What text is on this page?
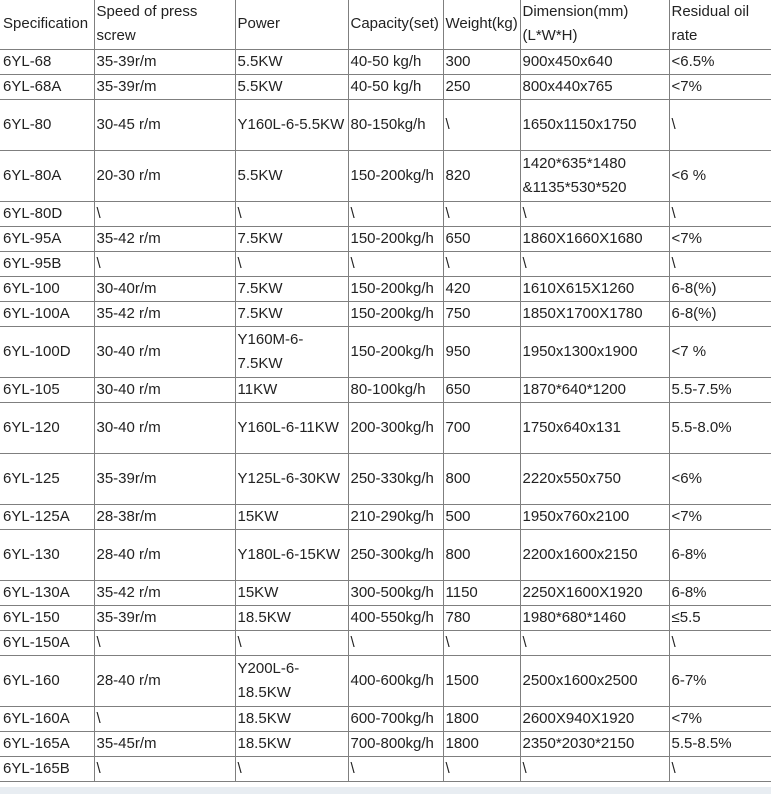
Specification	Speed of press screw	Power	Capacity(set)	Weight(kg)	Dimension(mm) (L*W*H)	Residual oil rate
6YL-68	35-39r/m	5.5KW	40-50 kg/h	300	900x450x640	<6.5%
6YL-68A	35-39r/m	5.5KW	40-50 kg/h	250	800x440x765	<7%
6YL-80	30-45 r/m	Y160L-6-5.5KW	80-150kg/h	\	1650x1150x1750	\
6YL-80A	20-30 r/m	5.5KW	150-200kg/h	820	1420*635*1480 &1135*530*520	<6 %
6YL-80D	\	\	\	\	\	\
6YL-95A	35-42 r/m	7.5KW	150-200kg/h	650	1860X1660X1680	<7%
6YL-95B	\	\	\	\	\	\
6YL-100	30-40r/m	7.5KW	150-200kg/h	420	1610X615X1260	6-8(%)
6YL-100A	35-42 r/m	7.5KW	150-200kg/h	750	1850X1700X1780	6-8(%)
6YL-100D	30-40 r/m	Y160M-6-7.5KW	150-200kg/h	950	1950x1300x1900	<7 %
6YL-105	30-40 r/m	11KW	80-100kg/h	650	1870*640*1200	5.5-7.5%
6YL-120	30-40 r/m	Y160L-6-11KW	200-300kg/h	700	1750x640x131	5.5-8.0%
6YL-125	35-39r/m	Y125L-6-30KW	250-330kg/h	800	2220x550x750	<6%
6YL-125A	28-38r/m	15KW	210-290kg/h	500	1950x760x2100	<7%
6YL-130	28-40 r/m	Y180L-6-15KW	250-300kg/h	800	2200x1600x2150	6-8%
6YL-130A	35-42 r/m	15KW	300-500kg/h	1150	2250X1600X1920	6-8%
6YL-150	35-39r/m	18.5KW	400-550kg/h	780	1980*680*1460	≤5.5
6YL-150A	\	\	\	\	\	\
6YL-160	28-40 r/m	Y200L-6-18.5KW	400-600kg/h	1500	2500x1600x2500	6-7%
6YL-160A	\	18.5KW	600-700kg/h	1800	2600X940X1920	<7%
6YL-165A	35-45r/m	18.5KW	700-800kg/h	1800	2350*2030*2150	5.5-8.5%
6YL-165B	\	\	\	\	\	\
